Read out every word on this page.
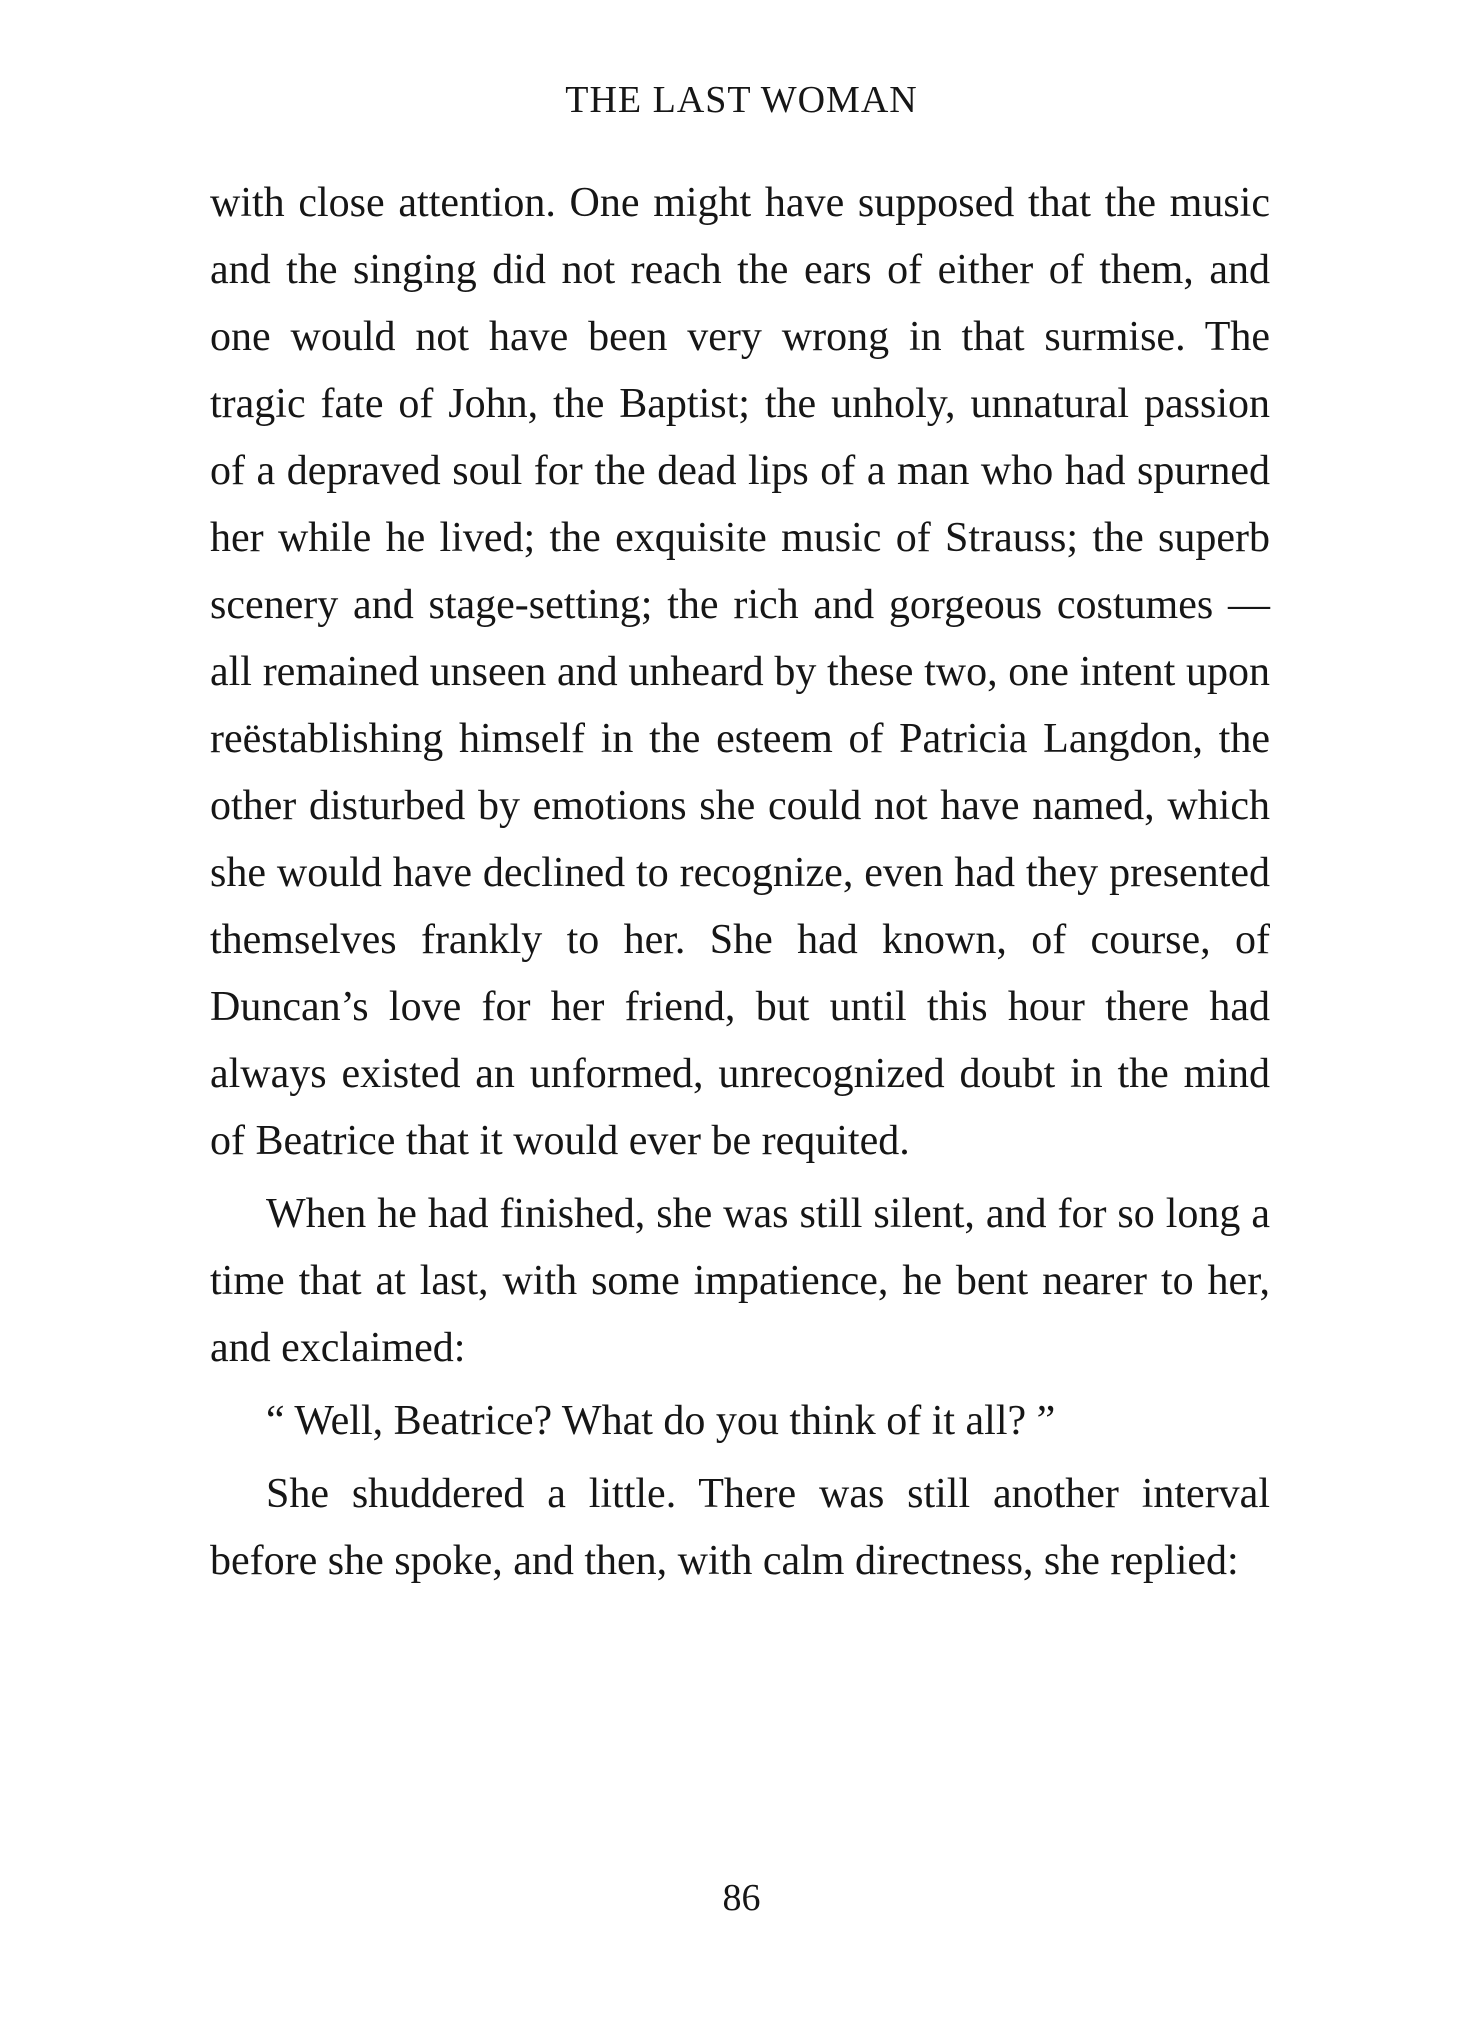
THE LAST WOMAN

with close attention. One might have supposed that the music and the singing did not reach the ears of either of them, and one would not have been very wrong in that surmise. The tragic fate of John, the Baptist; the unholy, unnatural passion of a depraved soul for the dead lips of a man who had spurned her while he lived; the exquisite music of Strauss; the superb scenery and stage-setting; the rich and gorgeous costumes — all remained unseen and unheard by these two, one intent upon reëstablishing himself in the esteem of Patricia Langdon, the other disturbed by emotions she could not have named, which she would have declined to recognize, even had they presented themselves frankly to her. She had known, of course, of Duncan’s love for her friend, but until this hour there had always existed an unformed, unrecognized doubt in the mind of Beatrice that it would ever be requited.

When he had finished, she was still silent, and for so long a time that at last, with some impatience, he bent nearer to her, and exclaimed:

“ Well, Beatrice? What do you think of it all? ”

She shuddered a little. There was still another interval before she spoke, and then, with calm directness, she replied:

86
